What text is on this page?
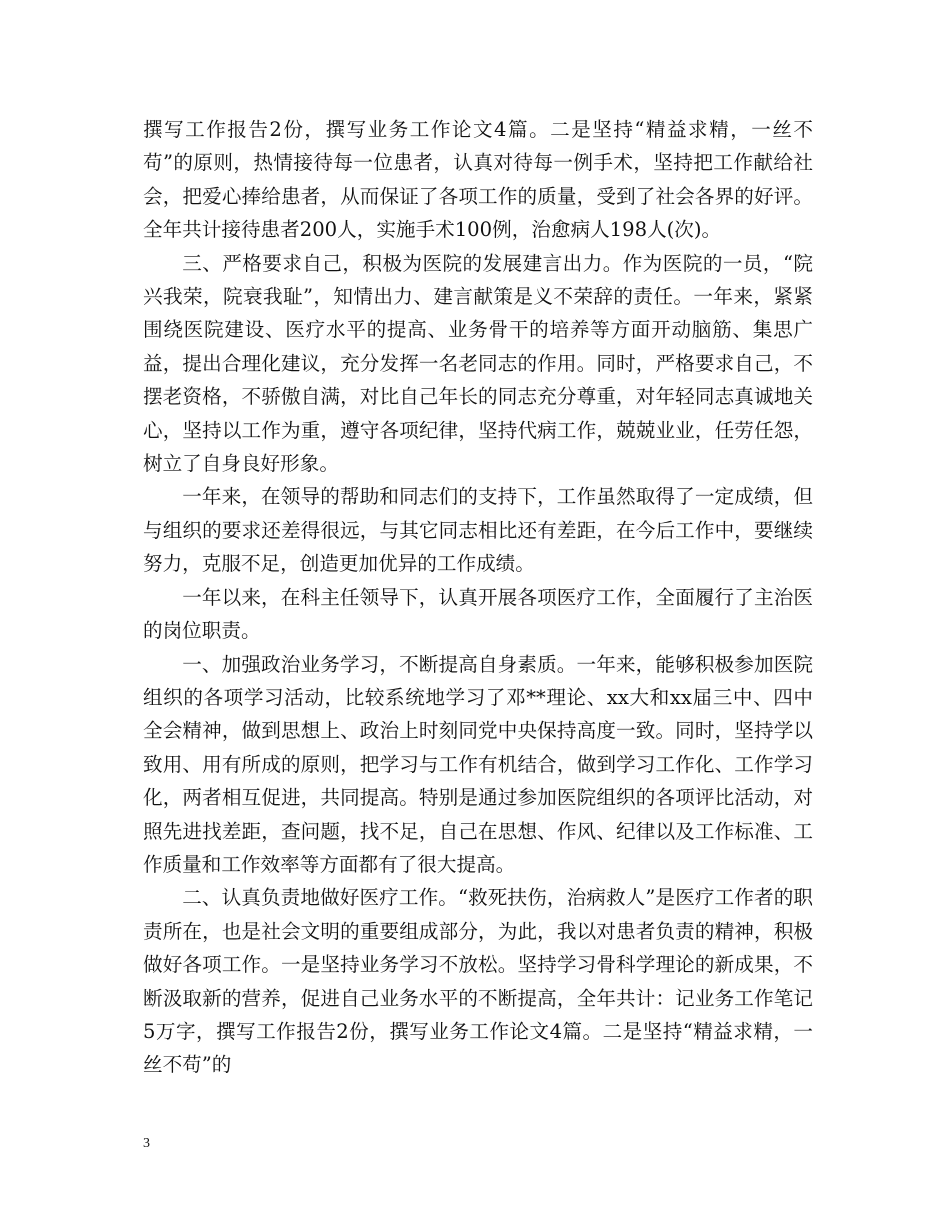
撰写工作报告2份，撰写业务工作论文4篇。二是坚持“精益求精，一丝不苟”的原则，热情接待每一位患者，认真对待每一例手术，坚持把工作献给社会，把爱心捧给患者，从而保证了各项工作的质量，受到了社会各界的好评。全年共计接待患者200人，实施手术100例，治愈病人198人(次)。

三、严格要求自己，积极为医院的发展建言出力。作为医院的一员，“院兴我荣，院衰我耻”，知情出力、建言献策是义不荣辞的责任。一年来，紧紧围绕医院建设、医疗水平的提高、业务骨干的培养等方面开动脑筋、集思广益，提出合理化建议，充分发挥一名老同志的作用。同时，严格要求自己，不摆老资格，不骄傲自满，对比自己年长的同志充分尊重，对年轻同志真诚地关心，坚持以工作为重，遵守各项纪律，坚持代病工作，兢兢业业，任劳任怨，树立了自身良好形象。

一年来，在领导的帮助和同志们的支持下，工作虽然取得了一定成绩，但与组织的要求还差得很远，与其它同志相比还有差距，在今后工作中，要继续努力，克服不足，创造更加优异的工作成绩。

一年以来，在科主任领导下，认真开展各项医疗工作，全面履行了主治医的岗位职责。

一、加强政治业务学习，不断提高自身素质。一年来，能够积极参加医院组织的各项学习活动，比较系统地学习了邓**理论、xx大和xx届三中、四中全会精神，做到思想上、政治上时刻同党中央保持高度一致。同时，坚持学以致用、用有所成的原则，把学习与工作有机结合，做到学习工作化、工作学习化，两者相互促进，共同提高。特别是通过参加医院组织的各项评比活动，对照先进找差距，查问题，找不足，自己在思想、作风、纪律以及工作标准、工作质量和工作效率等方面都有了很大提高。

二、认真负责地做好医疗工作。“救死扶伤，治病救人”是医疗工作者的职责所在，也是社会文明的重要组成部分，为此，我以对患者负责的精神，积极做好各项工作。一是坚持业务学习不放松。坚持学习骨科学理论的新成果，不断汲取新的营养，促进自己业务水平的不断提高，全年共计：记业务工作笔记5万字，撰写工作报告2份，撰写业务工作论文4篇。二是坚持“精益求精，一丝不苟”的

3
